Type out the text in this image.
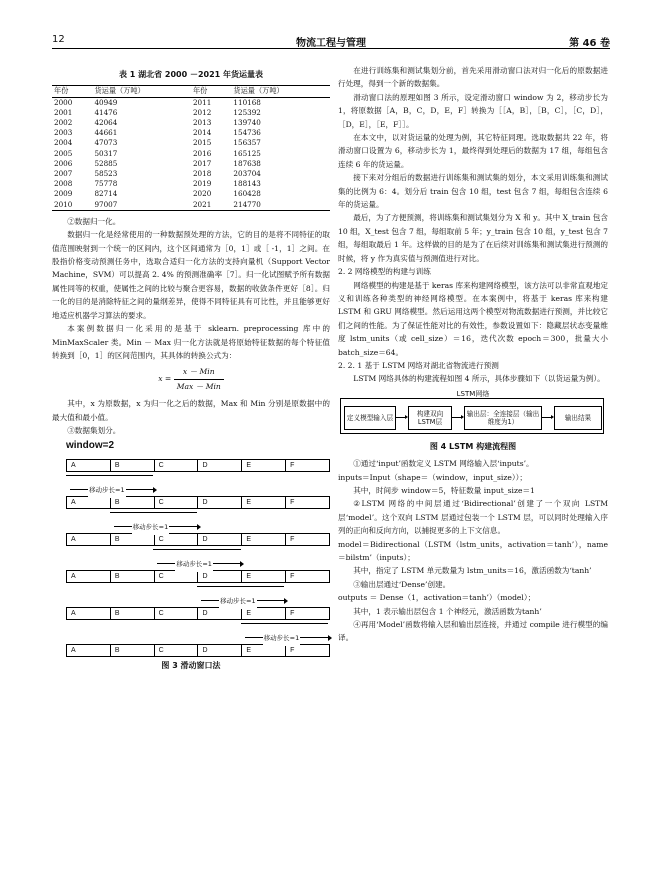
12	物流工程与管理	第 46 卷
表 1 湖北省 2000 －2021 年货运量表
年份	货运量（万吨）	年份	货运量（万吨）
2000	40949	2011	110168
2001	41476	2012	125392
2002	42064	2013	139740
2003	44661	2014	154736
2004	47073	2015	156357
2005	50317	2016	165125
2006	52885	2017	187638
2007	58523	2018	203704
2008	75778	2019	188143
2009	82714	2020	160428
2010	97007	2021	214770

②数据归一化。

数据归一化是经常使用的一种数据预处理的方法，它的目的是将不同特征的取值范围映射到一个统一的区间内，这个区间通常为［0，1］或［ -1，1］之间。在股指价格变动预测任务中，选取合适归一化方法的支持向量机（Support Vector Machine，SVM）可以提高 2. 4% 的预测准确率［7］。归一化试图赋予所有数据属性同等的权重，使属性之间的比较与聚合更容易，数据的收敛条件更好［8］。归一化的目的是消除特征之间的量纲差异，使得不同特征具有可比性，并且能够更好地适应机器学习算法的要求。

本案例数据归一化采用的是基于 sklearn. preprocessing 库中的 MinMaxScaler 类。Min － Max 归一化方法就是将原始特征数据的每个特征值转换到［0，1］的区间范围内，其具体的转换公式为：

$x = \frac{\text{x － Min}}{\text{Max － Min}}$

其中，x 为原数据，x 为归一化之后的数据，Max 和 Min 分别是原数据中的最大值和最小值。

③数据集划分。

window=2
A	B	C	D	E	F
A	B	C	D	E	F
A	B	C	D	E	F
A	B	C	D	E	F
A	B	C	D	E	F
A	B	C	D	E	F
移动步长=1
移动步长=1
移动步长=1
移动步长=1
移动步长=1
图 3 滑动窗口法

在进行训练集和测试集划分前，首先采用滑动窗口法对归一化后的原数据进行处理，得到一个新的数据集。

滑动窗口法的原理如图 3 所示，设定滑动窗口 window 为 2，移动步长为 1，将原数据［A，B，C，D，E，F］转换为［［A，B］，［B，C］，［C，D］，［D，E］，［E，F］］。

在本文中，以对货运量的处理为例，其它特征同理。选取数据共 22 年，将滑动窗口设置为 6，移动步长为 1，最终得到处理后的数据为 17 组，每组包含连续 6 年的货运量。

接下来对分组后的数据进行训练集和测试集的划分，本文采用训练集和测试集的比例为 6：4。划分后 train 包含 10 组，test 包含 7 组，每组包含连续 6 年的货运量。

最后，为了方便预测，将训练集和测试集划分为 X 和 y。其中 X_train 包含 10 组，X_test 包含 7 组，每组取前 5 年；y_train 包含 10 组，y_test 包含 7 组，每组取最后 1 年。这样做的目的是为了在后续对训练集和测试集进行预测的时候，将 y 作为真实值与预测值进行对比。

2. 2 网络模型的构建与训练

网络模型的构建是基于 keras 库来构建网络模型，该方法可以非常直观地定义和训练各种类型的神经网络模型。在本案例中，将基于 keras 库来构建 LSTM 和 GRU 网络模型。然后运用这两个模型对物流数据进行预测，并比较它们之间的性能。为了保证性能对比的有效性，参数设置如下：隐藏层状态变量维度 lstm_units（或 cell_size）＝16，迭代次数 epoch＝300，批量大小 batch_size＝64。

2. 2. 1 基于 LSTM 网络对湖北省物流进行预测

LSTM 网络具体的构建流程如图 4 所示，具体步骤如下（以货运量为例）。

LSTM网络
定义模型输入层	构建双向LSTM层
输出层：全连接层（输出维度为1）	输出结果
图 4 LSTM 构建流程图

①通过‘input’函数定义 LSTM 网络输入层‘inputs’。

inputs＝Input（shape＝（window，input_size））；

其中，时间步 window＝5，特征数量 input_size＝1

②LSTM 网络的中间层通过‘Bidirectional’创建了一个双向 LSTM 层‘model’。这个双向 LSTM 层通过包装一个 LSTM 层，可以同时处理输入序列的正向和反向方向，以捕捉更多的上下文信息。

model＝Bidirectional（LSTM（lstm_units，activation＝tanh’），name＝bilstm’（inputs）；

其中，指定了 LSTM 单元数量为 lstm_units＝16，激活函数为‘tanh’

③输出层通过‘Dense’创建。

outputs ＝ Dense（1，activation＝tanh’）（model）；

其中，1 表示输出层包含 1 个神经元，激活函数为tanh’

④再用‘Model’函数将输入层和输出层连接，并通过 compile 进行模型的编译。
